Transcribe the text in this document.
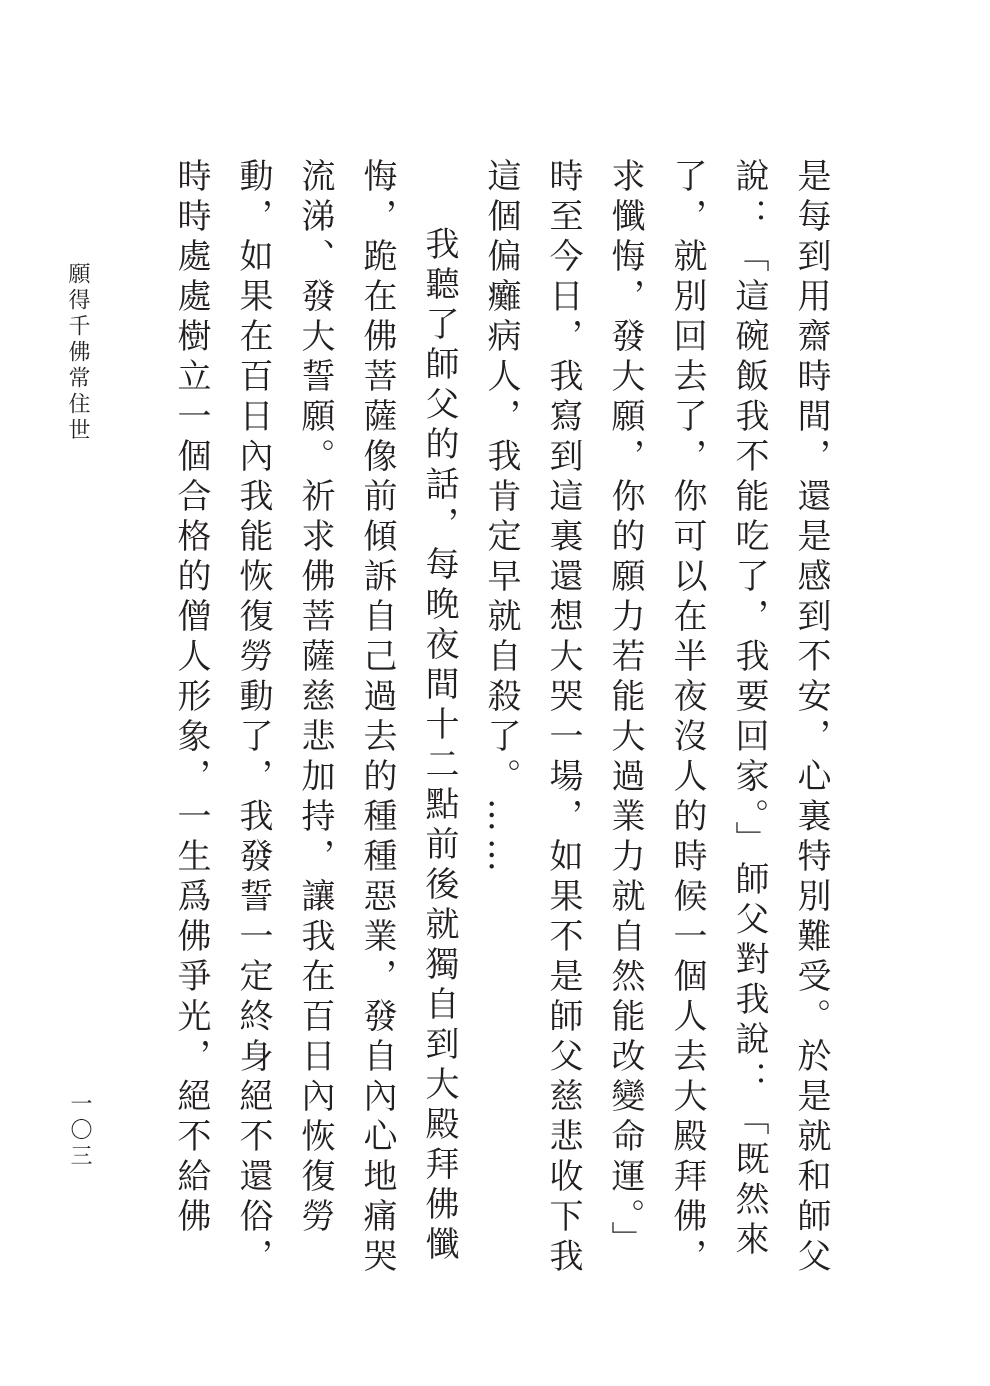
是每到用齋時間，還是感到不安，心裏特別難受。於是就和師父說：「這碗飯我不能吃了，我要回家。」師父對我說：「既然來了，就別回去了，你可以在半夜沒人的時候一個人去大殿拜佛，求懺悔，發大願，你的願力若能大過業力就自然能改變命運。」時至今日，我寫到這裏還想大哭一場，如果不是師父慈悲收下我這個偏癱病人，我肯定早就自殺了。……

我聽了師父的話，每晚夜間十二點前後就獨自到大殿拜佛懺悔，跪在佛菩薩像前傾訴自己過去的種種惡業，發自內心地痛哭流涕、發大誓願。祈求佛菩薩慈悲加持，讓我在百日內恢復勞動，如果在百日內我能恢復勞動了，我發誓一定終身絕不還俗，時時處處樹立一個合格的僧人形象，一生爲佛爭光，絕不給佛

願得千佛常住世
一〇三
